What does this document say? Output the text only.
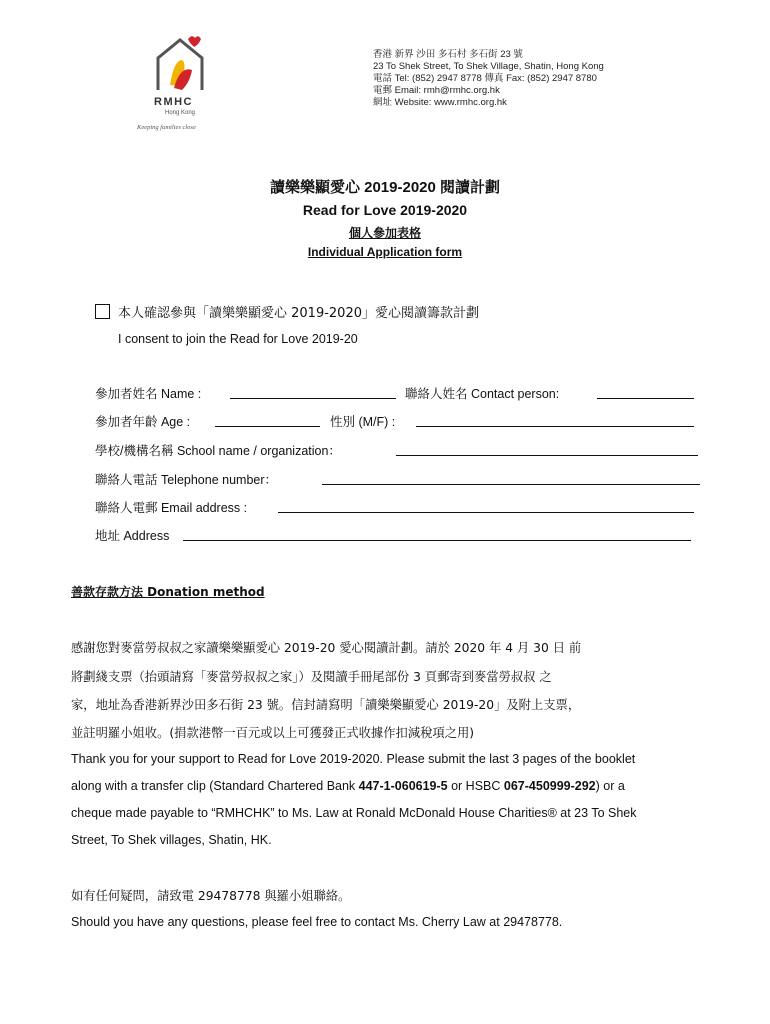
RMHC
Hong Kong
Keeping families close
香港 新界 沙田 多石村 多石街 23 號
23 To Shek Street, To Shek Village, Shatin, Hong Kong
電話 Tel: (852) 2947 8778 傳真 Fax: (852) 2947 8780
電郵 Email: rmh@rmhc.org.hk
網址 Website: www.rmhc.org.hk
讀樂樂顯愛心 2019-2020 閱讀計劃
Read for Love 2019-2020
個人參加表格
Individual Application form
本人確認參與「讀樂樂顯愛心 2019-2020」愛心閱讀籌款計劃
I consent to join the Read for Love 2019-20
參加者姓名 Name :	聯絡人姓名 Contact person:
參加者年齡 Age :	性別 (M/F) :
學校/機構名稱 School name / organization：
聯絡人電話 Telephone number：
聯絡人電郵 Email address :
地址 Address
善款存款方法 Donation method
感謝您對麥當勞叔叔之家讀樂樂顯愛心 2019-20 愛心閱讀計劃。請於 2020 年 4 月 30 日 前
將劃綫支票（抬頭請寫「麥當勞叔叔之家」）及閱讀手冊尾部份 3 頁郵寄到麥當勞叔叔 之
家，地址為香港新界沙田多石街 23 號。信封請寫明「讀樂樂顯愛心 2019-20」及附上支票，
並註明羅小姐收。(捐款港幣一百元或以上可獲發正式收據作扣減稅項之用)
Thank you for your support to Read for Love 2019-2020. Please submit the last 3 pages of the booklet
along with a transfer clip (Standard Chartered Bank 447-1-060619-5 or HSBC 067-450999-292) or a
cheque made payable to “RMHCHK” to Ms. Law at Ronald McDonald House Charities® at 23 To Shek
Street, To Shek villages, Shatin, HK.
如有任何疑問，請致電 29478778 與羅小姐聯絡。
Should you have any questions, please feel free to contact Ms. Cherry Law at 29478778.
